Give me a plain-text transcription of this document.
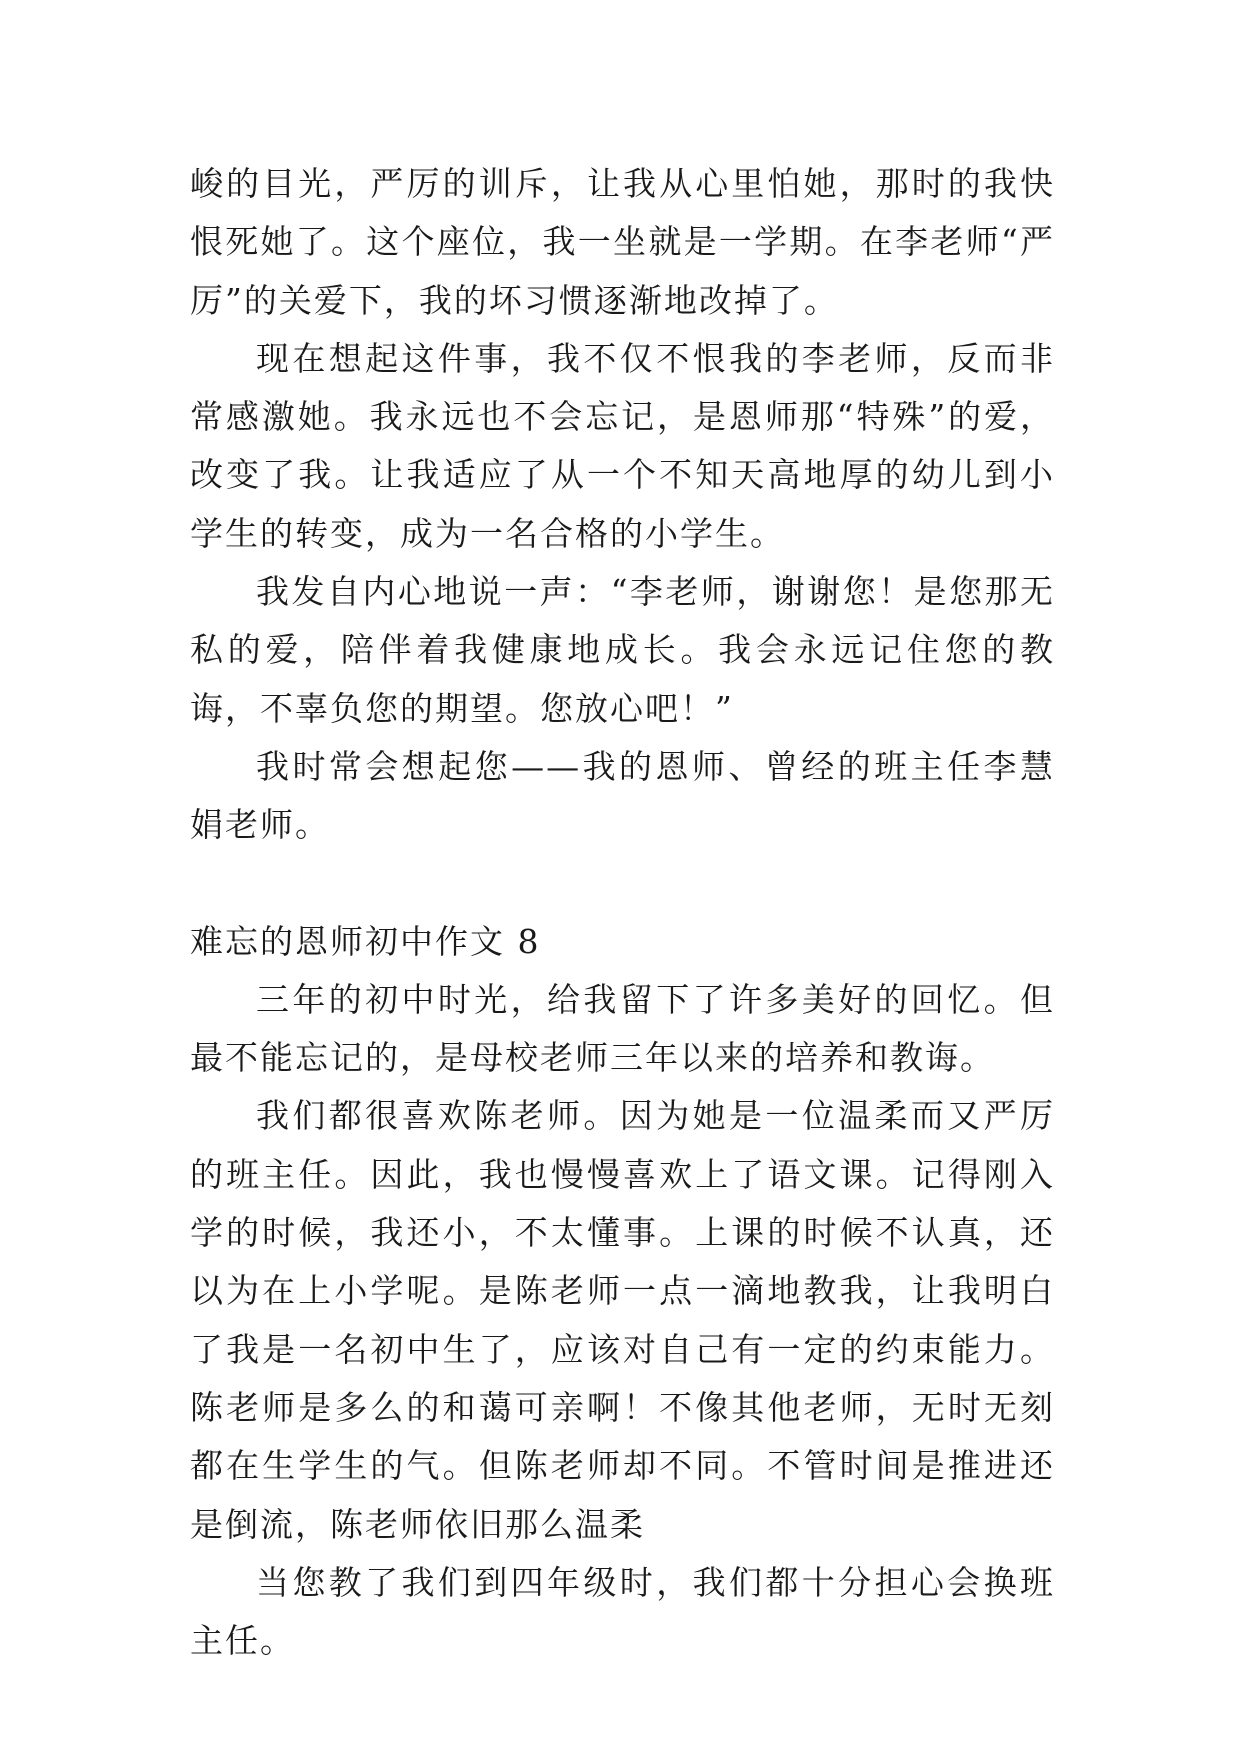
峻的目光，严厉的训斥，让我从心里怕她，那时的我快恨死她了。这个座位，我一坐就是一学期。在李老师“严厉”的关爱下，我的坏习惯逐渐地改掉了。

现在想起这件事，我不仅不恨我的李老师，反而非常感激她。我永远也不会忘记，是恩师那“特殊”的爱，改变了我。让我适应了从一个不知天高地厚的幼儿到小学生的转变，成为一名合格的小学生。

我发自内心地说一声：“李老师，谢谢您！是您那无私的爱，陪伴着我健康地成长。我会永远记住您的教诲，不辜负您的期望。您放心吧！”

我时常会想起您——我的恩师、曾经的班主任李慧娟老师。

难忘的恩师初中作文 8

三年的初中时光，给我留下了许多美好的回忆。但最不能忘记的，是母校老师三年以来的培养和教诲。

我们都很喜欢陈老师。因为她是一位温柔而又严厉的班主任。因此，我也慢慢喜欢上了语文课。记得刚入学的时候，我还小，不太懂事。上课的时候不认真，还以为在上小学呢。是陈老师一点一滴地教我，让我明白了我是一名初中生了，应该对自己有一定的约束能力。陈老师是多么的和蔼可亲啊！不像其他老师，无时无刻都在生学生的气。但陈老师却不同。不管时间是推进还是倒流，陈老师依旧那么温柔

当您教了我们到四年级时，我们都十分担心会换班主任。
